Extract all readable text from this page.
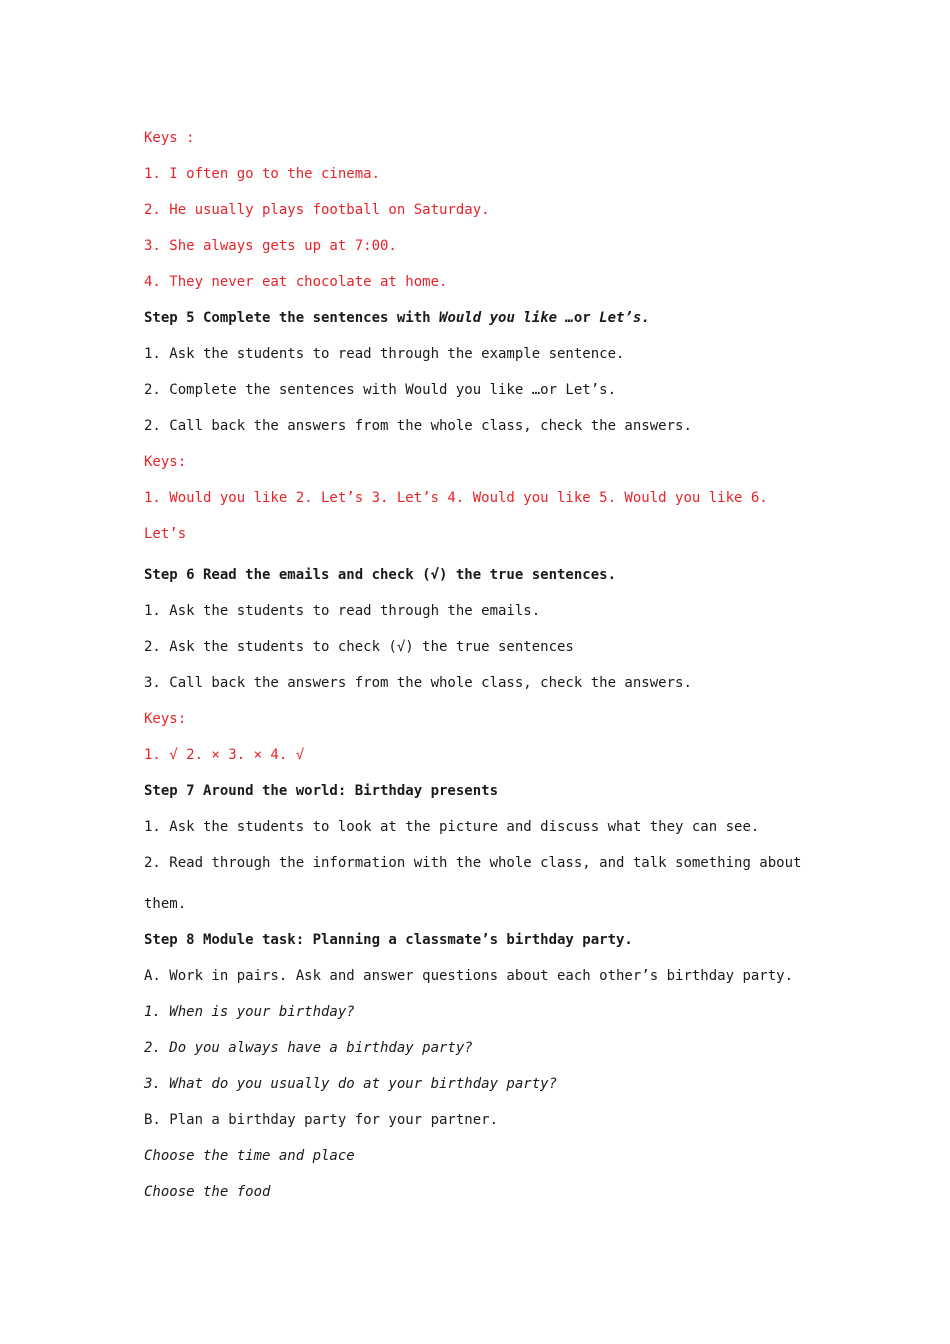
Keys :
1. I often go to the cinema.
2. He usually plays football on Saturday.
3. She always gets up at 7:00.
4. They never eat chocolate at home.
Step 5 Complete the sentences with Would you like …or Let’s.
1. Ask the students to read through the example sentence.
2. Complete the sentences with Would you like …or Let’s.
2. Call back the answers from the whole class, check the answers.
Keys:
1. Would you like 2. Let’s 3. Let’s 4. Would you like 5. Would you like 6.
Let’s
Step 6 Read the emails and check (√) the true sentences.
1. Ask the students to read through the emails.
2. Ask the students to check (√) the true sentences
3. Call back the answers from the whole class, check the answers.
Keys:
1. √ 2. × 3. × 4. √
Step 7 Around the world: Birthday presents
1. Ask the students to look at the picture and discuss what they can see.
2. Read through the information with the whole class, and talk something about
them.
Step 8 Module task: Planning a classmate’s birthday party.
A. Work in pairs. Ask and answer questions about each other’s birthday party.
1. When is your birthday?
2. Do you always have a birthday party?
3. What do you usually do at your birthday party?
B. Plan a birthday party for your partner.
Choose the time and place
Choose the food
